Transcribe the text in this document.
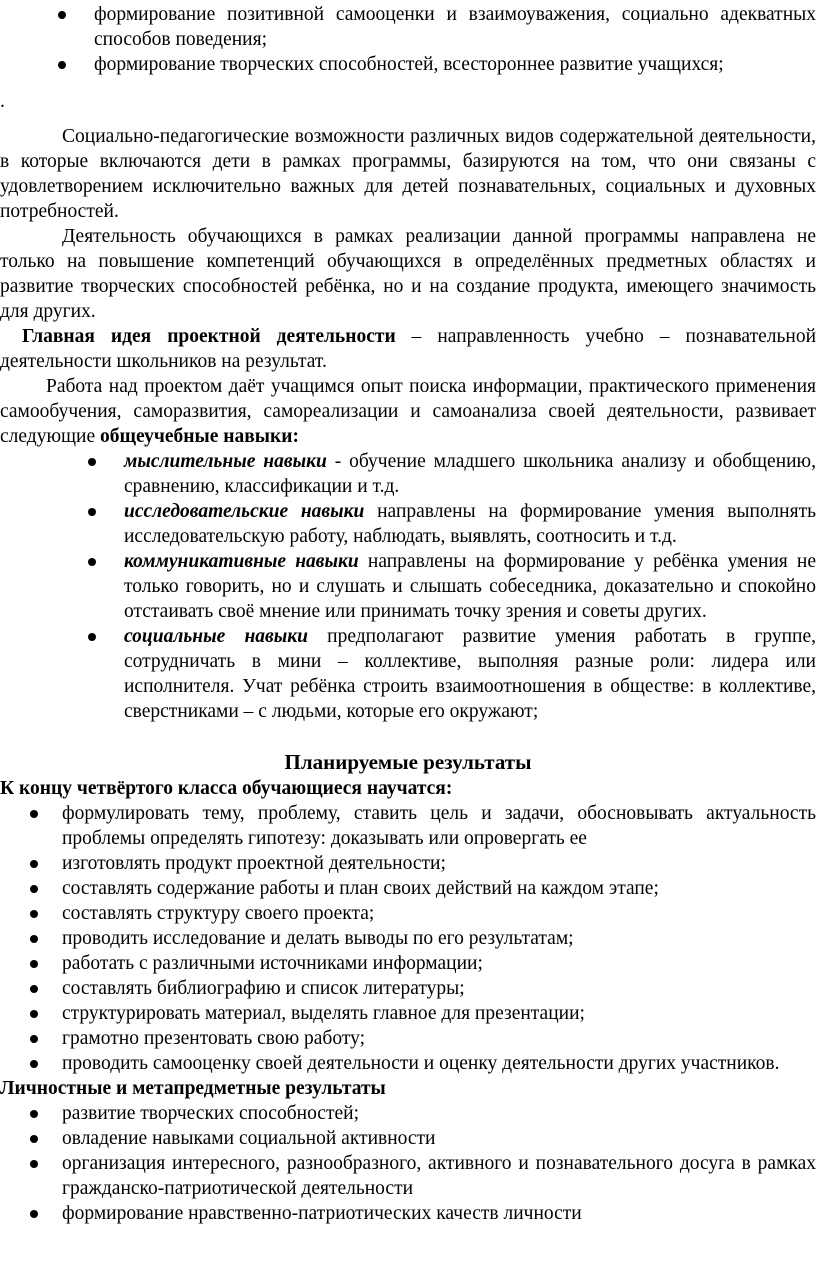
формирование позитивной самооценки и взаимоуважения, социально адекватных способов поведения;
формирование творческих способностей, всестороннее развитие учащихся;

.

Социально-педагогические возможности различных видов содержательной деятельности, в которые включаются дети в рамках программы, базируются на том, что они связаны с удовлетворением исключительно важных для детей познавательных, социальных и духовных потребностей.

Деятельность обучающихся в рамках реализации данной программы направлена не только на повышение компетенций обучающихся в определённых предметных областях и развитие творческих способностей ребёнка, но и на создание продукта, имеющего значимость для других.

Главная идея проектной деятельности – направленность учебно – познавательной деятельности школьников на результат.

Работа над проектом даёт учащимся опыт поиска информации, практического применения самообучения, саморазвития, самореализации и самоанализа своей деятельности, развивает следующие общеучебные навыки:

мыслительные навыки - обучение младшего школьника анализу и обобщению, сравнению, классификации и т.д.
исследовательские навыки направлены на формирование умения выполнять исследовательскую работу, наблюдать, выявлять, соотносить и т.д.
коммуникативные навыки направлены на формирование у ребёнка умения не только говорить, но и слушать и слышать собеседника, доказательно и спокойно отстаивать своё мнение или принимать точку зрения и советы других.
социальные навыки предполагают развитие умения работать в группе, сотрудничать в мини – коллективе, выполняя разные роли: лидера или исполнителя. Учат ребёнка строить взаимоотношения в обществе: в коллективе, сверстниками – с людьми, которые его окружают;
Планируемые результаты

К концу четвёртого класса обучающиеся научатся:

формулировать тему, проблему, ставить цель и задачи, обосновывать актуальность проблемы определять гипотезу: доказывать или опровергать ее
изготовлять продукт проектной деятельности;
составлять содержание работы и план своих действий на каждом этапе;
составлять структуру своего проекта;
проводить исследование и делать выводы по его результатам;
работать с различными источниками информации;
составлять библиографию и список литературы;
структурировать материал, выделять главное для презентации;
грамотно презентовать свою работу;
проводить самооценку своей деятельности и оценку деятельности других участников.

Личностные и метапредметные результаты

развитие творческих способностей;
овладение навыками социальной активности
организация интересного, разнообразного, активного и познавательного досуга в рамках гражданско-патриотической деятельности
формирование нравственно-патриотических качеств личности
